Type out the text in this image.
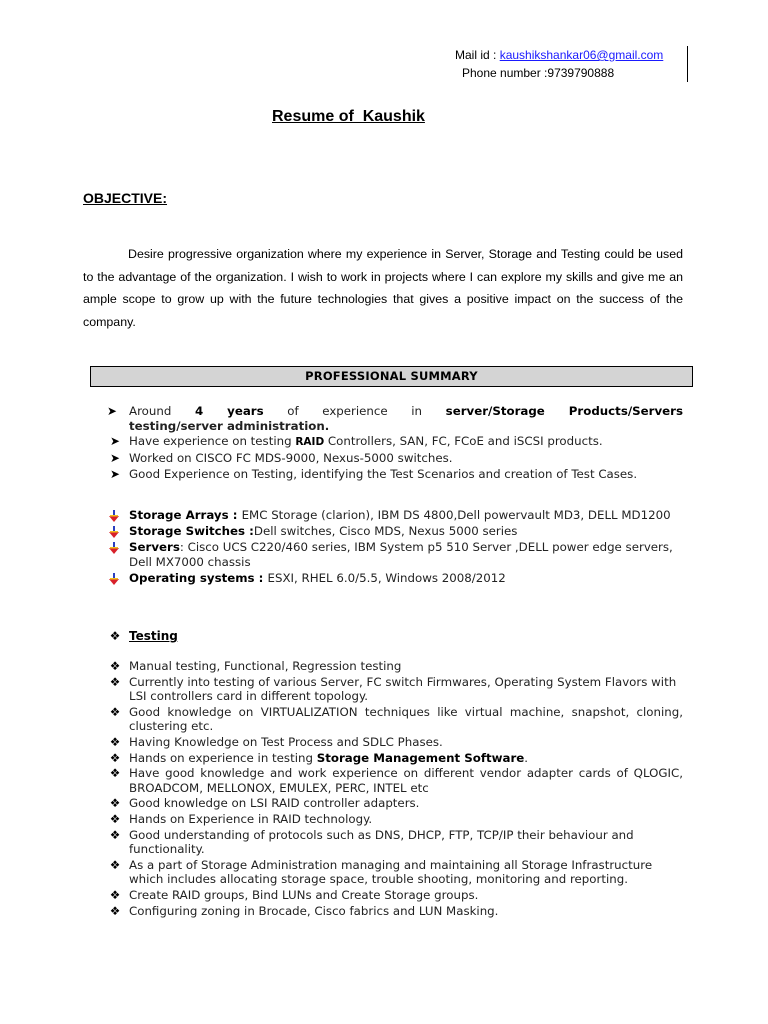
Mail id : kaushikshankar06@gmail.com
Phone number :9739790888
Resume of  Kaushik
OBJECTIVE:
Desire progressive organization where my experience in Server, Storage and Testing could be used to the advantage of the organization. I wish to work in projects where I can explore my skills and give me an ample scope to grow up with the future technologies that gives a positive impact on the success of the company.
PROFESSIONAL SUMMARY
➤	Around 4 years of experience in server/Storage Products/Servers
testing/server administration.
➤ Have experience on testing RAID Controllers, SAN, FC, FCoE and iSCSI products.
➤ Worked on CISCO FC MDS-9000, Nexus-5000 switches.
➤ Good Experience on Testing, identifying the Test Scenarios and creation of Test Cases.
Storage Arrays : EMC Storage (clarion), IBM DS 4800,Dell powervault MD3, DELL MD1200
Storage Switches :Dell switches, Cisco MDS, Nexus 5000 series
Servers: Cisco UCS C220/460 series, IBM System p5 510 Server ,DELL power edge servers, Dell MX7000 chassis
Operating systems : ESXI, RHEL 6.0/5.5, Windows 2008/2012
❖ Testing
❖ Manual testing, Functional, Regression testing
❖ Currently into testing of various Server, FC switch Firmwares, Operating System Flavors with LSI controllers card in different topology.
❖ Good knowledge on VIRTUALIZATION techniques like virtual machine, snapshot, cloning, clustering etc.
❖ Having Knowledge on Test Process and SDLC Phases.
❖ Hands on experience in testing Storage Management Software.
❖ Have good knowledge and work experience on different vendor adapter cards of QLOGIC, BROADCOM, MELLONOX, EMULEX, PERC, INTEL etc
❖ Good knowledge on LSI RAID controller adapters.
❖ Hands on Experience in RAID technology.
❖ Good understanding of protocols such as DNS, DHCP, FTP, TCP/IP their behaviour and functionality.
❖ As a part of Storage Administration managing and maintaining all Storage Infrastructure which includes allocating storage space, trouble shooting, monitoring and reporting.
❖ Create RAID groups, Bind LUNs and Create Storage groups.
❖ Configuring zoning in Brocade, Cisco fabrics and LUN Masking.
